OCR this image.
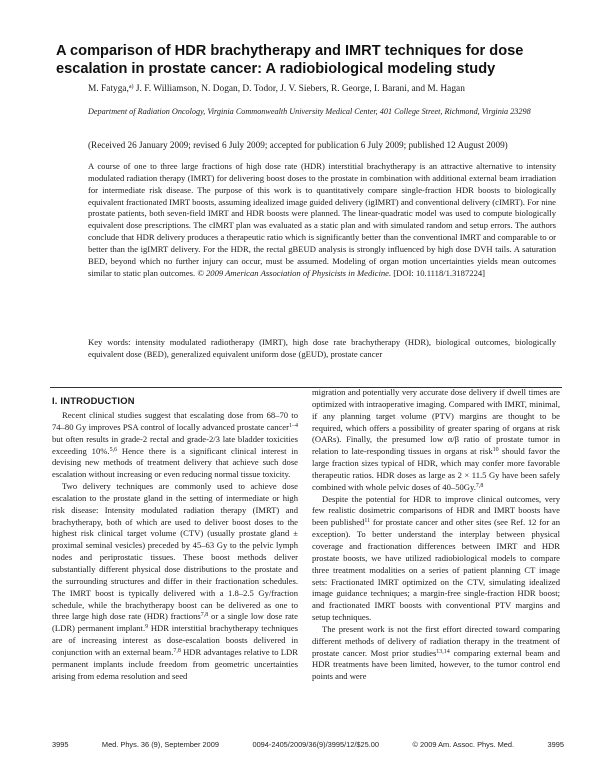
A comparison of HDR brachytherapy and IMRT techniques for dose escalation in prostate cancer: A radiobiological modeling study
M. Fatyga,$^{a)}$ J. F. Williamson, N. Dogan, D. Todor, J. V. Siebers, R. George, I. Barani, and M. Hagan
Department of Radiation Oncology, Virginia Commonwealth University Medical Center, 401 College Street, Richmond, Virginia 23298
(Received 26 January 2009; revised 6 July 2009; accepted for publication 6 July 2009; published 12 August 2009)
A course of one to three large fractions of high dose rate (HDR) interstitial brachytherapy is an attractive alternative to intensity modulated radiation therapy (IMRT) for delivering boost doses to the prostate in combination with additional external beam irradiation for intermediate risk disease. The purpose of this work is to quantitatively compare single-fraction HDR boosts to biologically equivalent fractionated IMRT boosts, assuming idealized image guided delivery (igIMRT) and conventional delivery (cIMRT). For nine prostate patients, both seven-field IMRT and HDR boosts were planned. The linear-quadratic model was used to compute biologically equivalent dose prescriptions. The cIMRT plan was evaluated as a static plan and with simulated random and setup errors. The authors conclude that HDR delivery produces a therapeutic ratio which is significantly better than the conventional IMRT and comparable to or better than the igIMRT delivery. For the HDR, the rectal gBEUD analysis is strongly influenced by high dose DVH tails. A saturation BED, beyond which no further injury can occur, must be assumed. Modeling of organ motion uncertainties yields mean outcomes similar to static plan outcomes. © 2009 American Association of Physicists in Medicine. [DOI: 10.1118/1.3187224]
Key words: intensity modulated radiotherapy (IMRT), high dose rate brachytherapy (HDR), biological outcomes, biologically equivalent dose (BED), generalized equivalent uniform dose (gEUD), prostate cancer
I. INTRODUCTION

Recent clinical studies suggest that escalating dose from 68–70 to 74–80 Gy improves PSA control of locally advanced prostate cancer$^{1-4}$ but often results in grade-2 rectal and grade-2/3 late bladder toxicities exceeding 10%.$^{5,6}$ Hence there is a significant clinical interest in devising new methods of treatment delivery that achieve such dose escalation without increasing or even reducing normal tissue toxicity.

Two delivery techniques are commonly used to achieve dose escalation to the prostate gland in the setting of intermediate or high risk disease: Intensity modulated radiation therapy (IMRT) and brachytherapy, both of which are used to deliver boost doses to the highest risk clinical target volume (CTV) (usually prostate gland ± proximal seminal vesicles) preceded by 45–63 Gy to the pelvic lymph nodes and periprostatic tissues. These boost methods deliver substantially different physical dose distributions to the prostate and the surrounding structures and differ in their fractionation schedules. The IMRT boost is typically delivered with a 1.8–2.5 Gy/fraction schedule, while the brachytherapy boost can be delivered as one to three large high dose rate (HDR) fractions$^{7,8}$ or a single low dose rate (LDR) permanent implant.$^9$ HDR interstitial brachytherapy techniques are of increasing interest as dose-escalation boosts delivered in conjunction with an external beam.$^{7,8}$ HDR advantages relative to LDR permanent implants include freedom from geometric uncertainties arising from edema resolution and seed

migration and potentially very accurate dose delivery if dwell times are optimized with intraoperative imaging. Compared with IMRT, minimal, if any planning target volume (PTV) margins are thought to be required, which offers a possibility of greater sparing of organs at risk (OARs). Finally, the presumed low α/β ratio of prostate tumor in relation to late-responding tissues in organs at risk$^{10}$ should favor the large fraction sizes typical of HDR, which may confer more favorable therapeutic ratios. HDR doses as large as 2 × 11.5 Gy have been safely combined with whole pelvic doses of 40–50Gy.$^{7,8}$

Despite the potential for HDR to improve clinical outcomes, very few realistic dosimetric comparisons of HDR and IMRT boosts have been published$^{11}$ for prostate cancer and other sites (see Ref. 12 for an exception). To better understand the interplay between physical coverage and fractionation differences between IMRT and HDR prostate boosts, we have utilized radiobiological models to compare three treatment modalities on a series of patient planning CT image sets: Fractionated IMRT optimized on the CTV, simulating idealized image guidance techniques; a margin-free single-fraction HDR boost; and fractionated IMRT boosts with conventional PTV margins and setup techniques.

The present work is not the first effort directed toward comparing different methods of delivery of radiation therapy in the treatment of prostate cancer. Most prior studies$^{13,14}$ comparing external beam and HDR treatments have been limited, however, to the tumor control end points and were

3995	Med. Phys. 36 (9), September 2009	0094-2405/2009/36(9)/3995/12/$25.00	© 2009 Am. Assoc. Phys. Med.	3995
